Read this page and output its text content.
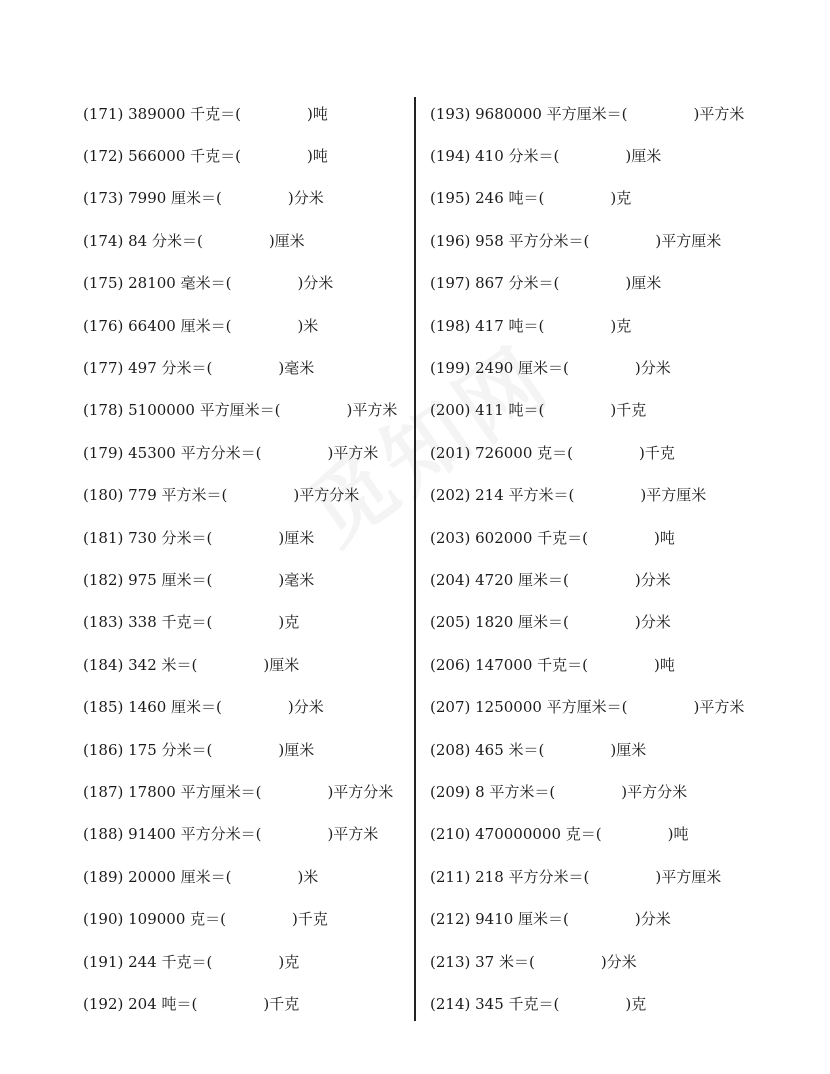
(171) 389000 千克＝(	)吨
(172) 566000 千克＝(	)吨
(173) 7990 厘米＝(	)分米
(174) 84 分米＝(	)厘米
(175) 28100 毫米＝(	)分米
(176) 66400 厘米＝(	)米
(177) 497 分米＝(	)毫米
(178) 5100000 平方厘米＝(	)平方米
(179) 45300 平方分米＝(	)平方米
(180) 779 平方米＝(	)平方分米
(181) 730 分米＝(	)厘米
(182) 975 厘米＝(	)毫米
(183) 338 千克＝(	)克
(184) 342 米＝(	)厘米
(185) 1460 厘米＝(	)分米
(186) 175 分米＝(	)厘米
(187) 17800 平方厘米＝(	)平方分米
(188) 91400 平方分米＝(	)平方米
(189) 20000 厘米＝(	)米
(190) 109000 克＝(	)千克
(191) 244 千克＝(	)克
(192) 204 吨＝(	)千克
(193) 9680000 平方厘米＝(	)平方米
(194) 410 分米＝(	)厘米
(195) 246 吨＝(	)克
(196) 958 平方分米＝(	)平方厘米
(197) 867 分米＝(	)厘米
(198) 417 吨＝(	)克
(199) 2490 厘米＝(	)分米
(200) 411 吨＝(	)千克
(201) 726000 克＝(	)千克
(202) 214 平方米＝(	)平方厘米
(203) 602000 千克＝(	)吨
(204) 4720 厘米＝(	)分米
(205) 1820 厘米＝(	)分米
(206) 147000 千克＝(	)吨
(207) 1250000 平方厘米＝(	)平方米
(208) 465 米＝(	)厘米
(209) 8 平方米＝(	)平方分米
(210) 470000000 克＝(	)吨
(211) 218 平方分米＝(	)平方厘米
(212) 9410 厘米＝(	)分米
(213) 37 米＝(	)分米
(214) 345 千克＝(	)克
